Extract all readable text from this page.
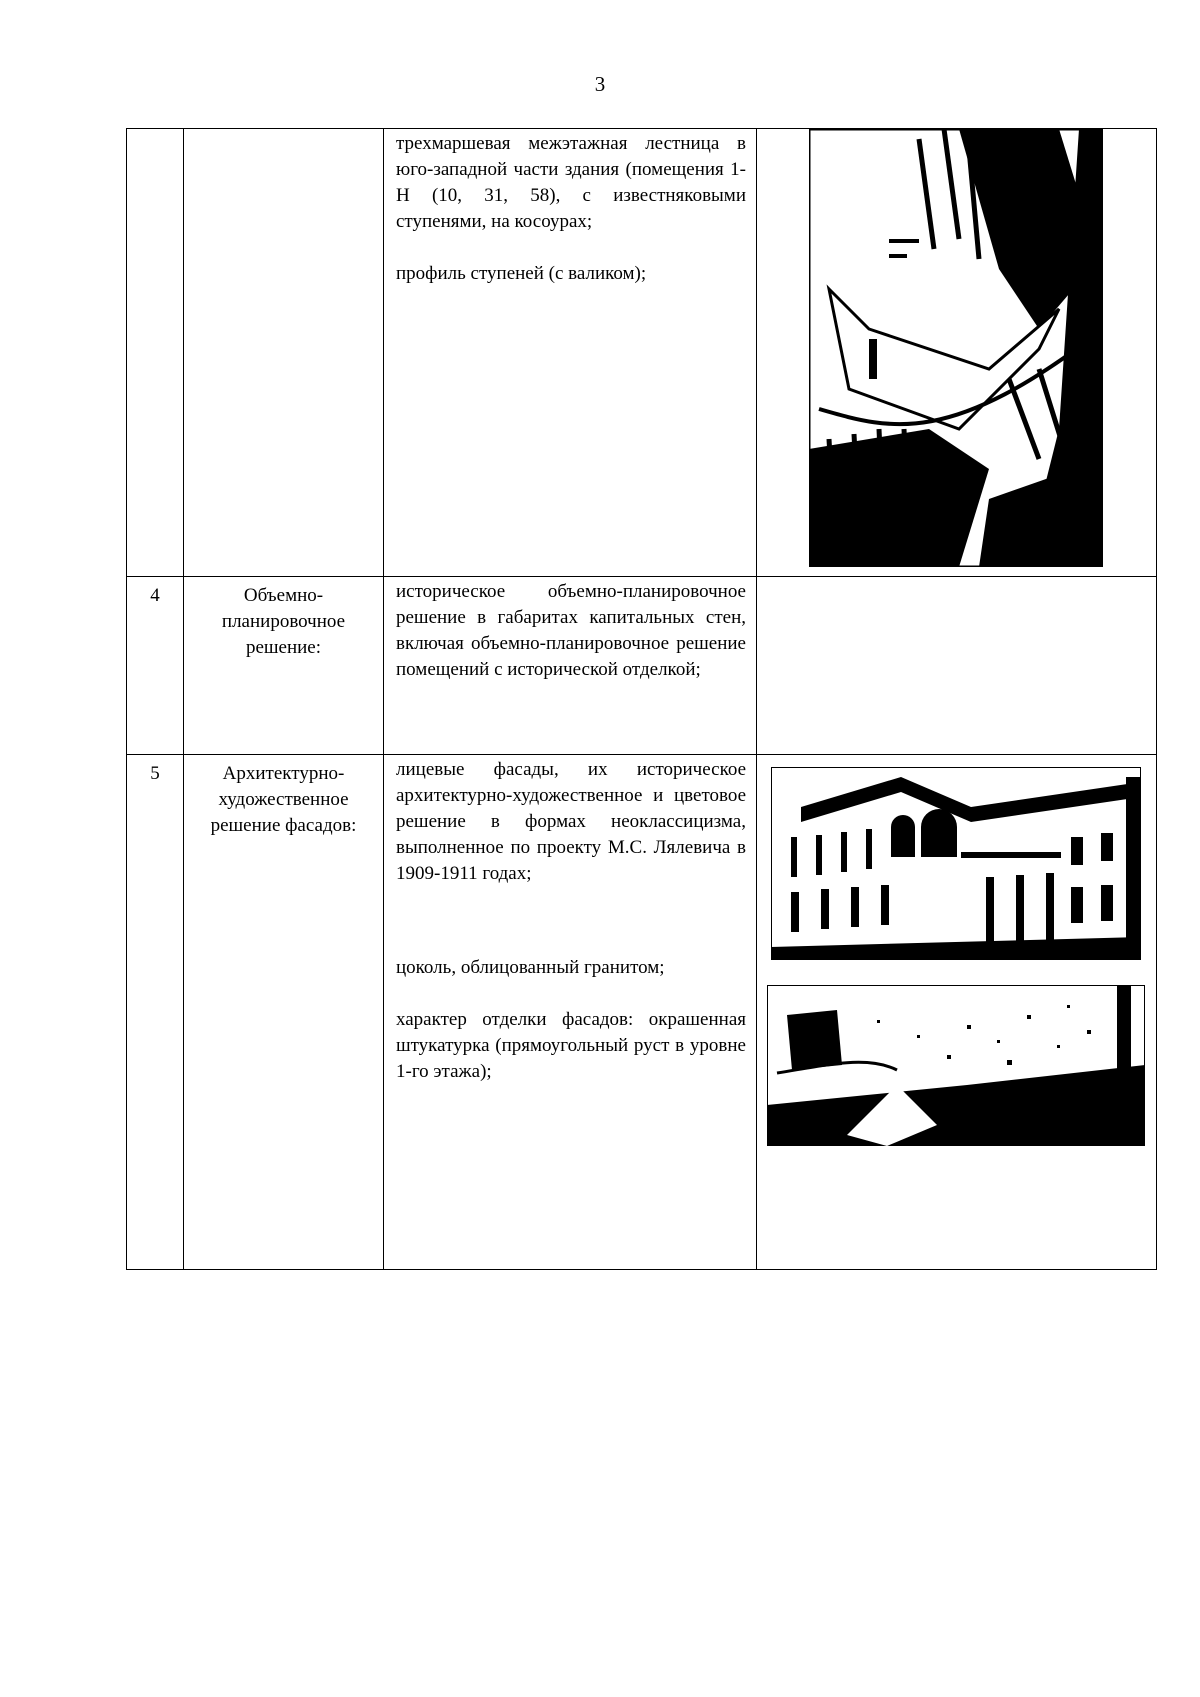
3

		трехмаршевая межэтажная лестница в юго-западной части здания (помещения 1-Н (10, 31, 58), с известняковыми ступенями, на косоурах;

профиль ступеней (с валиком);

4	Объемно-планировочное решение:	историческое объемно-планировочное решение в габаритах капитальных стен, включая объемно-планировочное решение помещений с исторической отделкой;	

5	Архитектурно-художественное решение фасадов:	лицевые фасады, их историческое архитектурно-художественное и цветовое решение в формах неоклассицизма, выполненное по проекту М.С. Лялевича в 1909-1911 годах;

цоколь, облицованный гранитом;

характер отделки фасадов: окрашенная штукатурка (прямоугольный руст в уровне 1-го этажа);
